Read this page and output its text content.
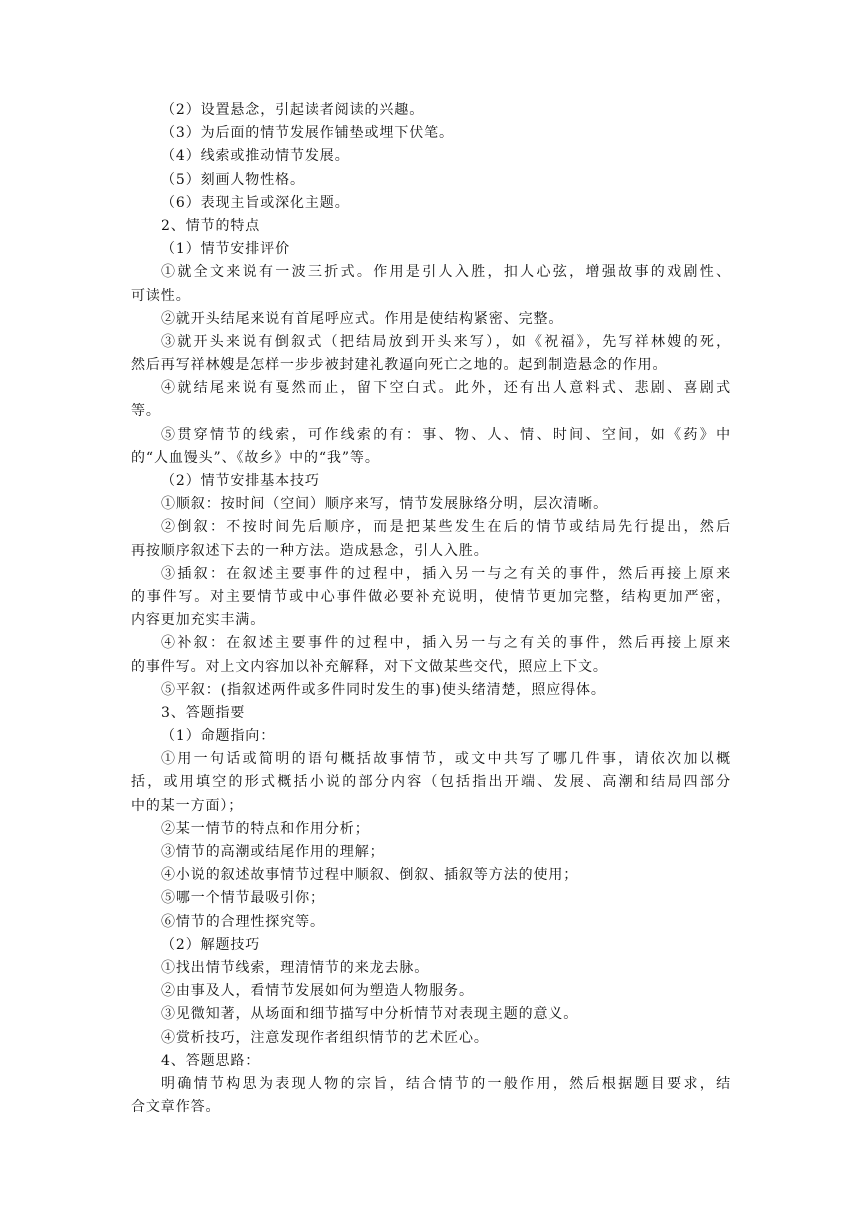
（2）设置悬念，引起读者阅读的兴趣。
（3）为后面的情节发展作铺垫或埋下伏笔。
（4）线索或推动情节发展。
（5）刻画人物性格。
（6）表现主旨或深化主题。
2、情节的特点
（1）情节安排评价
①就全文来说有一波三折式。作用是引人入胜，扣人心弦，增强故事的戏剧性、
可读性。
②就开头结尾来说有首尾呼应式。作用是使结构紧密、完整。
③就开头来说有倒叙式（把结局放到开头来写），如《祝福》，先写祥林嫂的死，
然后再写祥林嫂是怎样一步步被封建礼教逼向死亡之地的。起到制造悬念的作用。
④就结尾来说有戛然而止，留下空白式。此外，还有出人意料式、悲剧、喜剧式
等。
⑤贯穿情节的线索，可作线索的有：事、物、人、情、时间、空间，如《药》中
的“人血馒头”、《故乡》中的“我”等。
（2）情节安排基本技巧
①顺叙：按时间（空间）顺序来写，情节发展脉络分明，层次清晰。
②倒叙：不按时间先后顺序，而是把某些发生在后的情节或结局先行提出，然后
再按顺序叙述下去的一种方法。造成悬念，引人入胜。
③插叙：在叙述主要事件的过程中，插入另一与之有关的事件，然后再接上原来
的事件写。对主要情节或中心事件做必要补充说明，使情节更加完整，结构更加严密，
内容更加充实丰满。
④补叙：在叙述主要事件的过程中，插入另一与之有关的事件，然后再接上原来
的事件写。对上文内容加以补充解释，对下文做某些交代，照应上下文。
⑤平叙：(指叙述两件或多件同时发生的事)使头绪清楚，照应得体。
3、答题指要
（1）命题指向：
①用一句话或简明的语句概括故事情节，或文中共写了哪几件事，请依次加以概
括，或用填空的形式概括小说的部分内容（包括指出开端、发展、高潮和结局四部分
中的某一方面）；
②某一情节的特点和作用分析；
③情节的高潮或结尾作用的理解；
④小说的叙述故事情节过程中顺叙、倒叙、插叙等方法的使用；
⑤哪一个情节最吸引你；
⑥情节的合理性探究等。
（2）解题技巧
①找出情节线索，理清情节的来龙去脉。
②由事及人，看情节发展如何为塑造人物服务。
③见微知著，从场面和细节描写中分析情节对表现主题的意义。
④赏析技巧，注意发现作者组织情节的艺术匠心。
4、答题思路：
明确情节构思为表现人物的宗旨，结合情节的一般作用，然后根据题目要求，结
合文章作答。
